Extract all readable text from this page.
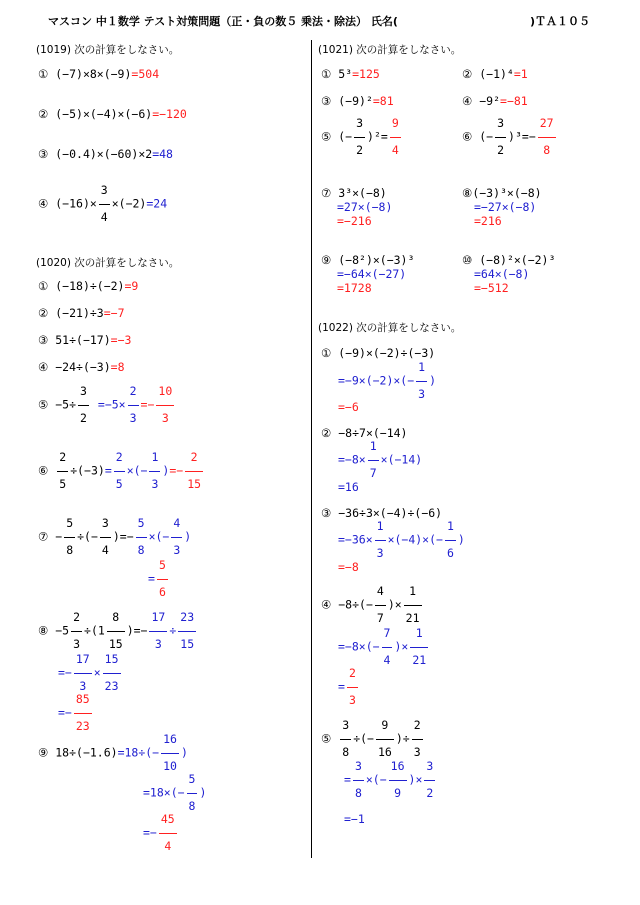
マスコン 中１数学 テスト対策問題（正・負の数５ 乗法・除法） 氏名(	)ＴＡ１０５
(1019) 次の計算をしなさい。
① (−7)×8×(−9)=504
② (−5)×(−4)×(−6)=−120
③ (−0.4)×(−60)×2=48
④ $(-16)\times \frac{3}{4} \times(-2)=24$
(1020) 次の計算をしなさい。
① (−18)÷(−2)=9
② (−21)÷3=−7
③ 51÷(−17)=−3
④ −24÷(−3)=8
⑤ $-5\div \frac{3}{2} =-5\times \frac{2}{3} =- \frac{10}{3}$
⑥ $\frac{2}{5} \div(-3)= \frac{2}{5}$ ×(− $\frac{1}{3}$ )=− $\frac{2}{15}$
⑦ − $\frac{5}{8}$ ÷(− $\frac{3}{4}$ )=− $\frac{5}{8}$ ×(− $\frac{4}{3}$ )
= $\frac{5}{6}$
⑧ $-5 \frac{2}{3} \div(1 \frac{8}{15}$ )=− $\frac{17}{3} \div \frac{23}{15}$
=− $\frac{17}{3} \times \frac{15}{23}$
=− $\frac{85}{23}$
⑨ $18\div(-1.6)=18\div(- \frac{16}{10}$ )
$=18\times(- \frac{5}{8}$ )
=− $\frac{45}{4}$
(1021) 次の計算をしなさい。
① 5³=125	② (−1)⁴=1
③ (−9)²=81	④ −9²=−81
⑤ (− $\frac{3}{2} )^2= \frac{9}{4}$	⑥ (− $\frac{3}{2} )^3=- \frac{27}{8}$
⑦ 3³×(−8)
=27×(−8)
=−216
⑧(−3)³×(−8)
=−27×(−8)
=216
⑨ (−8²)×(−3)³
=−64×(−27)
=1728
⑩ (−8)²×(−2)³
=64×(−8)
=−512
(1022) 次の計算をしなさい。
① (−9)×(−2)÷(−3)
$=-9\times(-2)\times(- \frac{1}{3}$ )
=−6
② −8÷7×(−14)
$=-8\times \frac{1}{7} \times(-14)$
=16
③ −36÷3×(−4)÷(−6)
$=-36\times \frac{1}{3} \times(-4)\times(- \frac{1}{6}$ )
=−8
④ $-8\div(- \frac{4}{7}$ )× $\frac{1}{21}$
$=-8\times(- \frac{7}{4}$ )× $\frac{1}{21}$
= $\frac{2}{3}$
⑤ $\frac{3}{8}$ ÷(− $\frac{9}{16}$ )÷ $\frac{2}{3}$
= $\frac{3}{8}$ ×(− $\frac{16}{9}$ )× $\frac{3}{2}$
=−1
